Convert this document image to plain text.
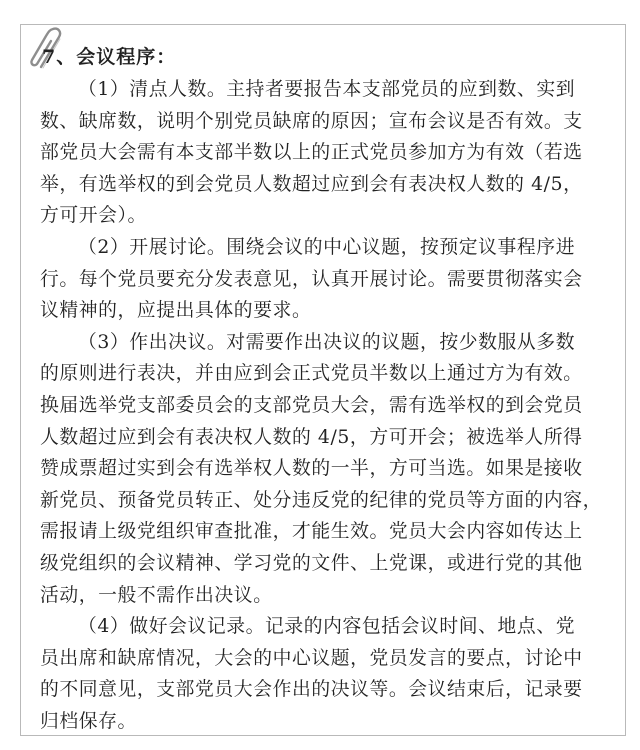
7、会议程序：

（1）清点人数。主持者要报告本支部党员的应到数、实到
数、缺席数，说明个别党员缺席的原因；宣布会议是否有效。支
部党员大会需有本支部半数以上的正式党员参加方为有效（若选
举，有选举权的到会党员人数超过应到会有表决权人数的 4/5，
方可开会）。

（2）开展讨论。围绕会议的中心议题，按预定议事程序进
行。每个党员要充分发表意见，认真开展讨论。需要贯彻落实会
议精神的，应提出具体的要求。

（3）作出决议。对需要作出决议的议题，按少数服从多数
的原则进行表决，并由应到会正式党员半数以上通过方为有效。
换届选举党支部委员会的支部党员大会，需有选举权的到会党员
人数超过应到会有表决权人数的 4/5，方可开会；被选举人所得
赞成票超过实到会有选举权人数的一半，方可当选。如果是接收
新党员、预备党员转正、处分违反党的纪律的党员等方面的内容，
需报请上级党组织审查批准，才能生效。党员大会内容如传达上
级党组织的会议精神、学习党的文件、上党课，或进行党的其他
活动，一般不需作出决议。

（4）做好会议记录。记录的内容包括会议时间、地点、党
员出席和缺席情况，大会的中心议题，党员发言的要点，讨论中
的不同意见，支部党员大会作出的决议等。会议结束后，记录要
归档保存。
